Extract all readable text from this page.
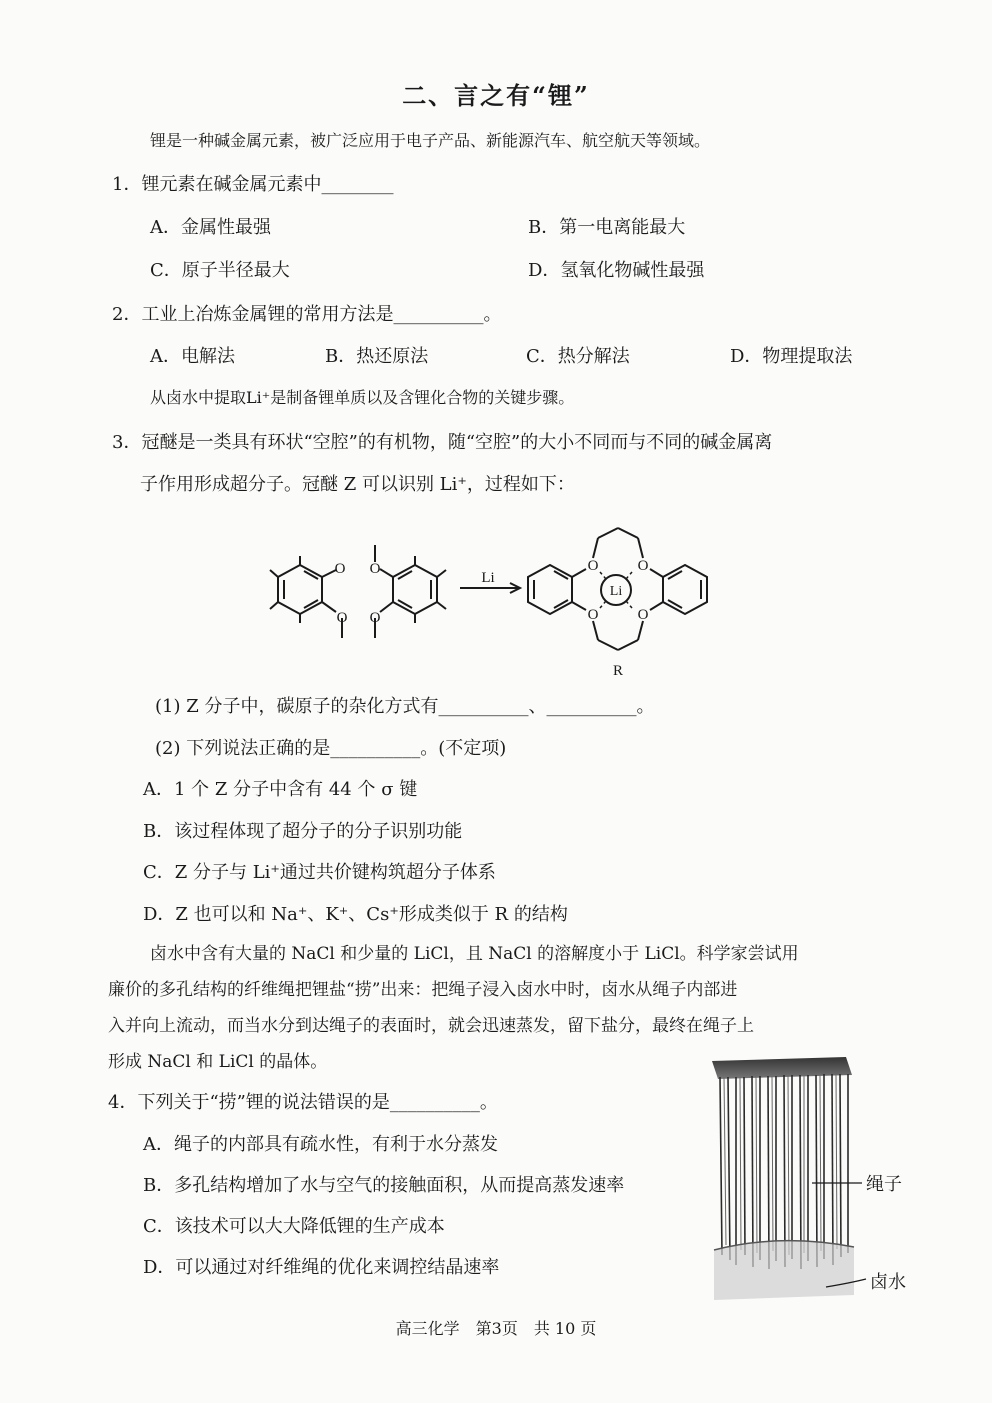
二、言之有“锂”
锂是一种碱金属元素，被广泛应用于电子产品、新能源汽车、航空航天等领域。
1．锂元素在碱金属元素中________
A．金属性最强	B．第一电离能最大
C．原子半径最大	D．氢氧化物碱性最强
2．工业上冶炼金属锂的常用方法是__________。
A．电解法	B．热还原法	C．热分解法	D．物理提取法
从卤水中提取Li⁺是制备锂单质以及含锂化合物的关键步骤。
3．冠醚是一类具有环状“空腔”的有机物，随“空腔”的大小不同而与不同的碱金属离
子作用形成超分子。冠醚 Z 可以识别 Li⁺，过程如下：
O O
O
O
Li
O	O
O	O
Li
R
(1) Z 分子中，碳原子的杂化方式有__________、__________。
(2) 下列说法正确的是__________。(不定项)
A．1 个 Z 分子中含有 44 个 σ 键
B．该过程体现了超分子的分子识别功能
C．Z 分子与 Li⁺通过共价键构筑超分子体系
D．Z 也可以和 Na⁺、K⁺、Cs⁺形成类似于 R 的结构
卤水中含有大量的 NaCl 和少量的 LiCl，且 NaCl 的溶解度小于 LiCl。科学家尝试用
廉价的多孔结构的纤维绳把锂盐“捞”出来：把绳子浸入卤水中时，卤水从绳子内部进
入并向上流动，而当水分到达绳子的表面时，就会迅速蒸发，留下盐分，最终在绳子上
形成 NaCl 和 LiCl 的晶体。
4．下列关于“捞”锂的说法错误的是__________。
A．绳子的内部具有疏水性，有利于水分蒸发
B．多孔结构增加了水与空气的接触面积，从而提高蒸发速率
C．该技术可以大大降低锂的生产成本
D．可以通过对纤维绳的优化来调控结晶速率
绳子
卤水
高三化学　第3页　共 10 页
